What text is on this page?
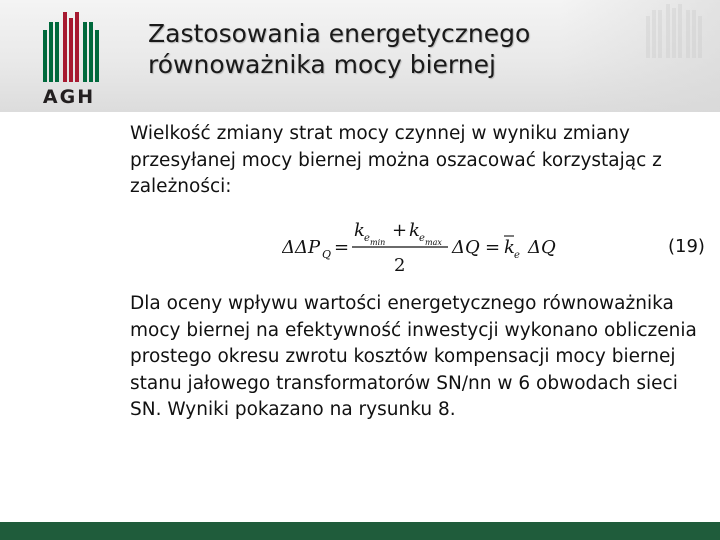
AGH
Zastosowania energetycznego
równoważnika mocy biernej

Wielkość zmiany strat mocy czynnej w wyniku zmiany przesyłanej mocy biernej można oszacować korzystając z zależności:

ΔΔP Q =
k e min
+ k e max
2
ΔQ = k e ΔQ	(19)

Dla oceny wpływu wartości energetycznego równoważnika mocy biernej na efektywność inwestycji wykonano obliczenia prostego okresu zwrotu kosztów kompensacji mocy biernej stanu jałowego transformatorów SN/nn w 6 obwodach sieci SN. Wyniki pokazano na rysunku 8.
